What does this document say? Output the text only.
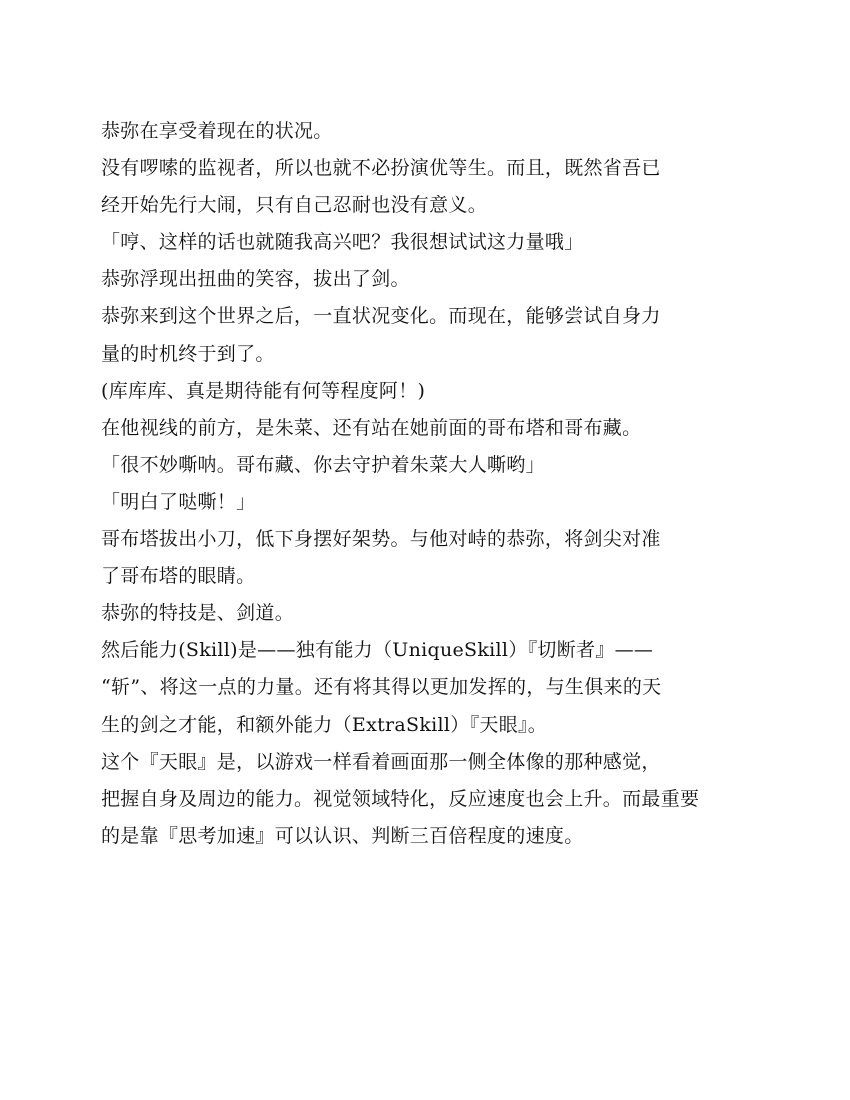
恭弥在享受着现在的状况。
没有啰嗦的监视者，所以也就不必扮演优等生。而且，既然省吾已
经开始先行大闹，只有自己忍耐也没有意义。
「哼、这样的话也就随我高兴吧？我很想试试这力量哦」
恭弥浮现出扭曲的笑容，拔出了剑。
恭弥来到这个世界之后，一直状况变化。而现在，能够尝试自身力
量的时机终于到了。
(库库库、真是期待能有何等程度阿！)
在他视线的前方，是朱菜、还有站在她前面的哥布塔和哥布藏。
「很不妙嘶呐。哥布藏、你去守护着朱菜大人嘶哟」
「明白了哒嘶！」
哥布塔拔出小刀，低下身摆好架势。与他对峙的恭弥，将剑尖对准
了哥布塔的眼睛。
恭弥的特技是、剑道。
然后能力(Skill)是——独有能力（UniqueSkill）『切断者』——
“斩”、将这一点的力量。还有将其得以更加发挥的，与生俱来的天
生的剑之才能，和额外能力（ExtraSkill）『天眼』。
这个『天眼』是，以游戏一样看着画面那一侧全体像的那种感觉，
把握自身及周边的能力。视觉领域特化，反应速度也会上升。而最重要
的是靠『思考加速』可以认识、判断三百倍程度的速度。
